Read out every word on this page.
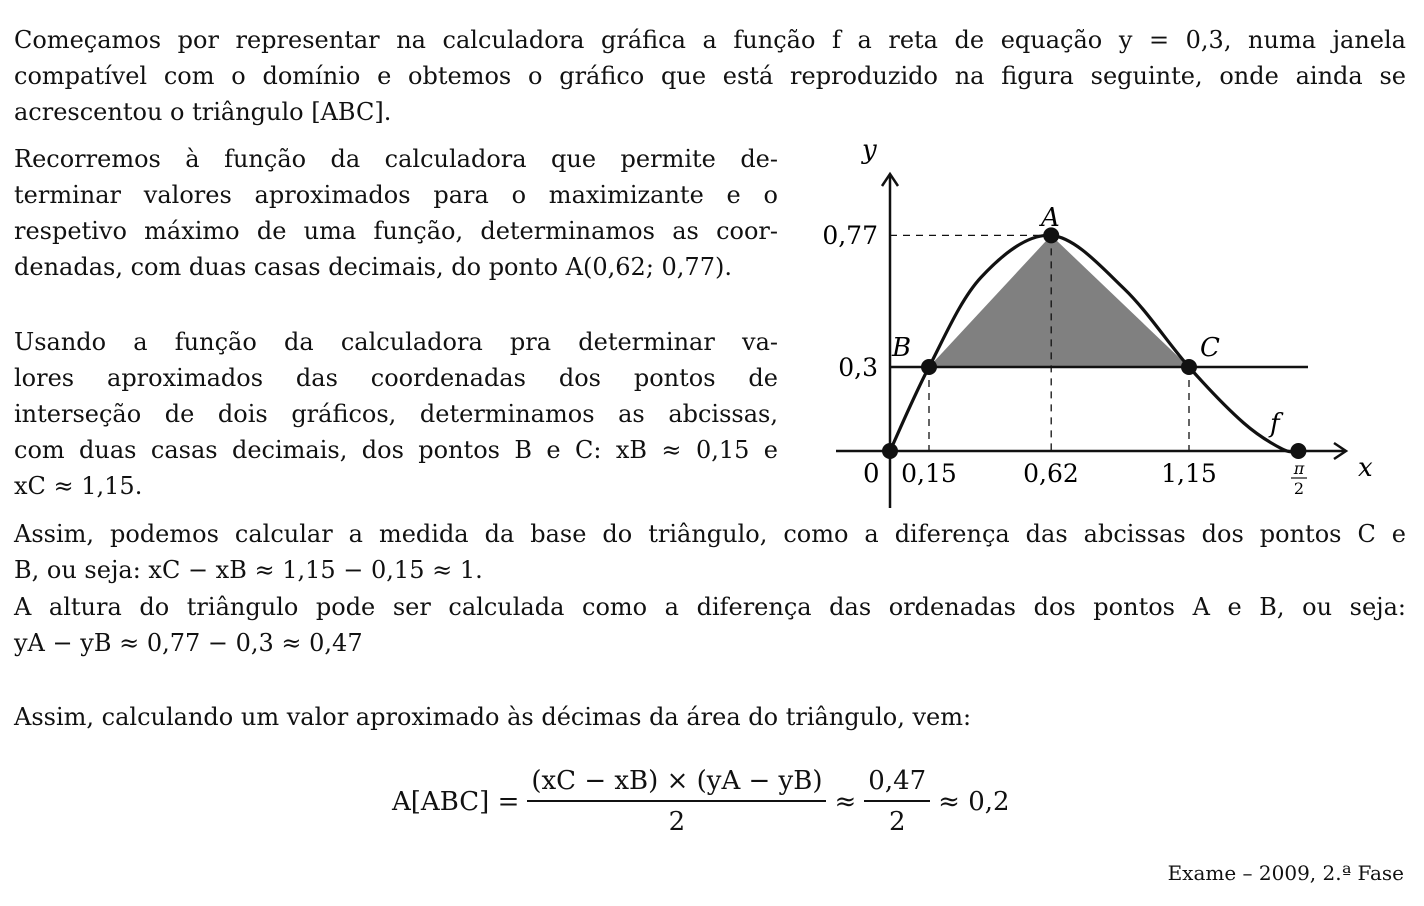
Começamos por representar na calculadora gráfica a função f a reta de equação y = 0,3, numa janela
compatível com o domínio e obtemos o gráfico que está reproduzido na figura seguinte, onde ainda se
acrescentou o triângulo [ABC].

Recorremos à função da calculadora que permite de-

terminar valores aproximados para o maximizante e o

respetivo máximo de uma função, determinamos as coor-

denadas, com duas casas decimais, do ponto A(0,62; 0,77).

Usando a função da calculadora pra determinar va-

lores aproximados das coordenadas dos pontos de

interseção de dois gráficos, determinamos as abcissas,

com duas casas decimais, dos pontos B e C: xB ≈ 0,15 e

xC ≈ 1,15.

y
x
0
A
B	C
f
0,77
0,3
0,15	0,62	1,15	π
2
Assim, podemos calcular a medida da base do triângulo, como a diferença das abcissas dos pontos C e
B, ou seja: xC − xB ≈ 1,15 − 0,15 ≈ 1.
A altura do triângulo pode ser calculada como a diferença das ordenadas dos pontos A e B, ou seja:
yA − yB ≈ 0,77 − 0,3 ≈ 0,47
Assim, calculando um valor aproximado às décimas da área do triângulo, vem:
$A[ABC] = \frac{(xC - xB) \times (yA - yB)}{2} \approx \frac{0,47}{2} \approx 0,2$
Exame – 2009, 2.ª Fase
